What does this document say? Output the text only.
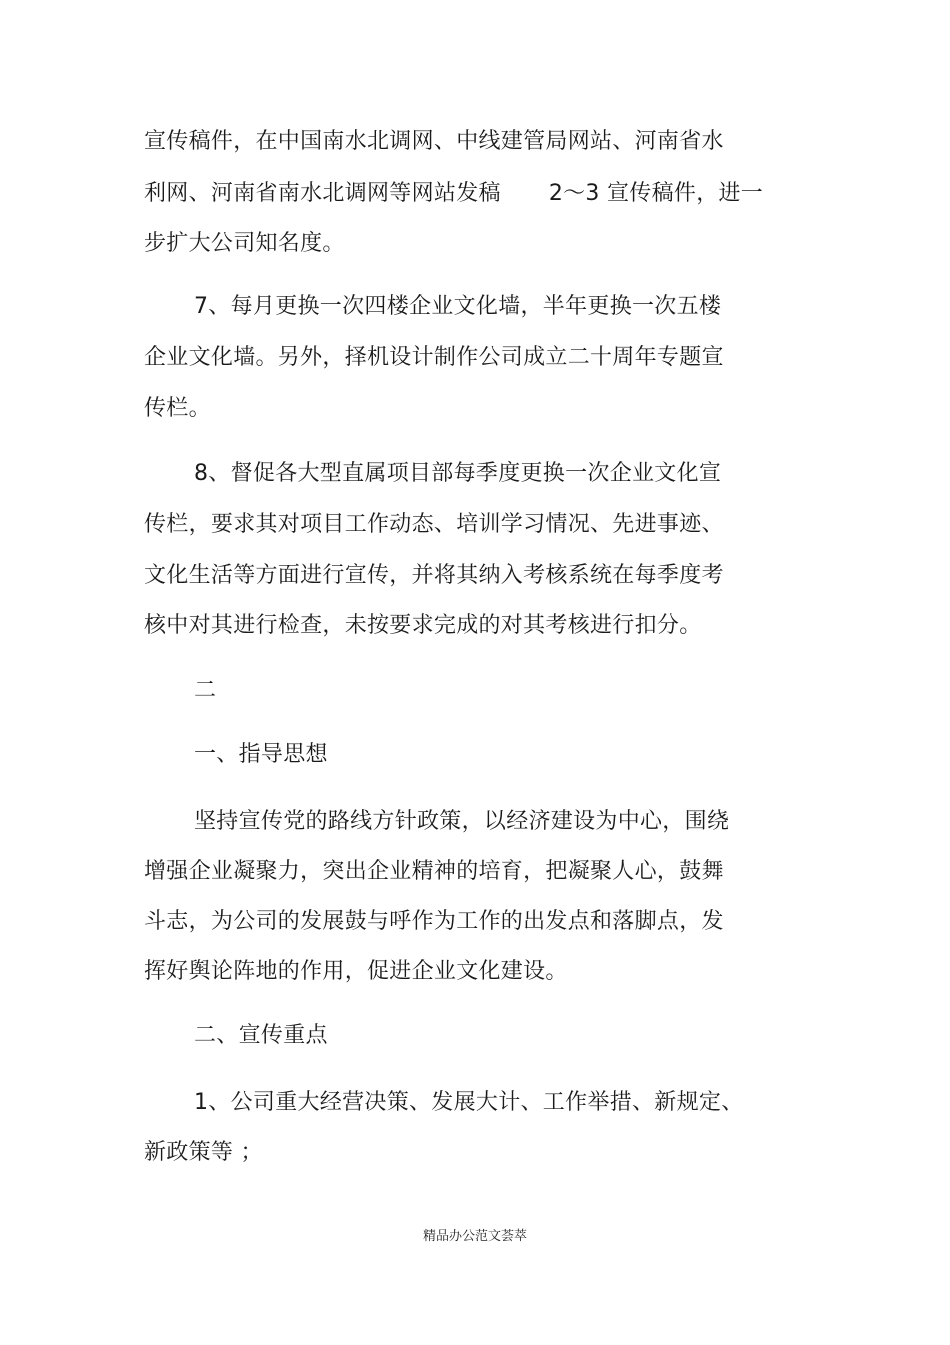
宣传稿件，在中国南水北调网、中线建管局网站、河南省水
利网、河南省南水北调网等网站发稿 2～3 宣传稿件，进一
步扩大公司知名度。
7、每月更换一次四楼企业文化墙，半年更换一次五楼
企业文化墙。另外，择机设计制作公司成立二十周年专题宣
传栏。
8、督促各大型直属项目部每季度更换一次企业文化宣
传栏，要求其对项目工作动态、培训学习情况、先进事迹、
文化生活等方面进行宣传，并将其纳入考核系统在每季度考
核中对其进行检查，未按要求完成的对其考核进行扣分。
二
一、指导思想
坚持宣传党的路线方针政策，以经济建设为中心，围绕
增强企业凝聚力，突出企业精神的培育，把凝聚人心，鼓舞
斗志，为公司的发展鼓与呼作为工作的出发点和落脚点，发
挥好舆论阵地的作用，促进企业文化建设。
二、宣传重点
1、公司重大经营决策、发展大计、工作举措、新规定、
新政策等 ；
精品办公范文荟萃
